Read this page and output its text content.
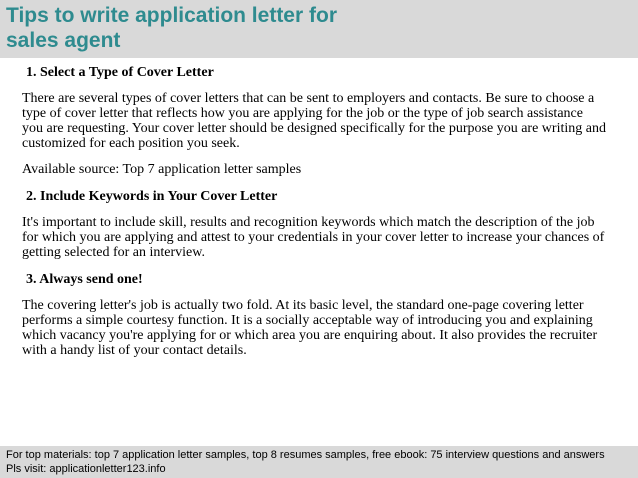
Tips to write application letter for
sales agent
1. Select a Type of Cover Letter

There are several types of cover letters that can be sent to employers and contacts. Be sure to choose a type of cover letter that reflects how you are applying for the job or the type of job search assistance you are requesting. Your cover letter should be designed specifically for the purpose you are writing and customized for each position you seek.

Available source: Top 7 application letter samples

2. Include Keywords in Your Cover Letter

It's important to include skill, results and recognition keywords which match the description of the job for which you are applying and attest to your credentials in your cover letter to increase your chances of getting selected for an interview.

3. Always send one!

The covering letter's job is actually two fold. At its basic level, the standard one-page covering letter performs a simple courtesy function. It is a socially acceptable way of introducing you and explaining which vacancy you're applying for or which area you are enquiring about. It also provides the recruiter with a handy list of your contact details.

For top materials: top 7 application letter samples, top 8 resumes samples, free ebook: 75 interview questions and answers
Pls visit: applicationletter123.info
